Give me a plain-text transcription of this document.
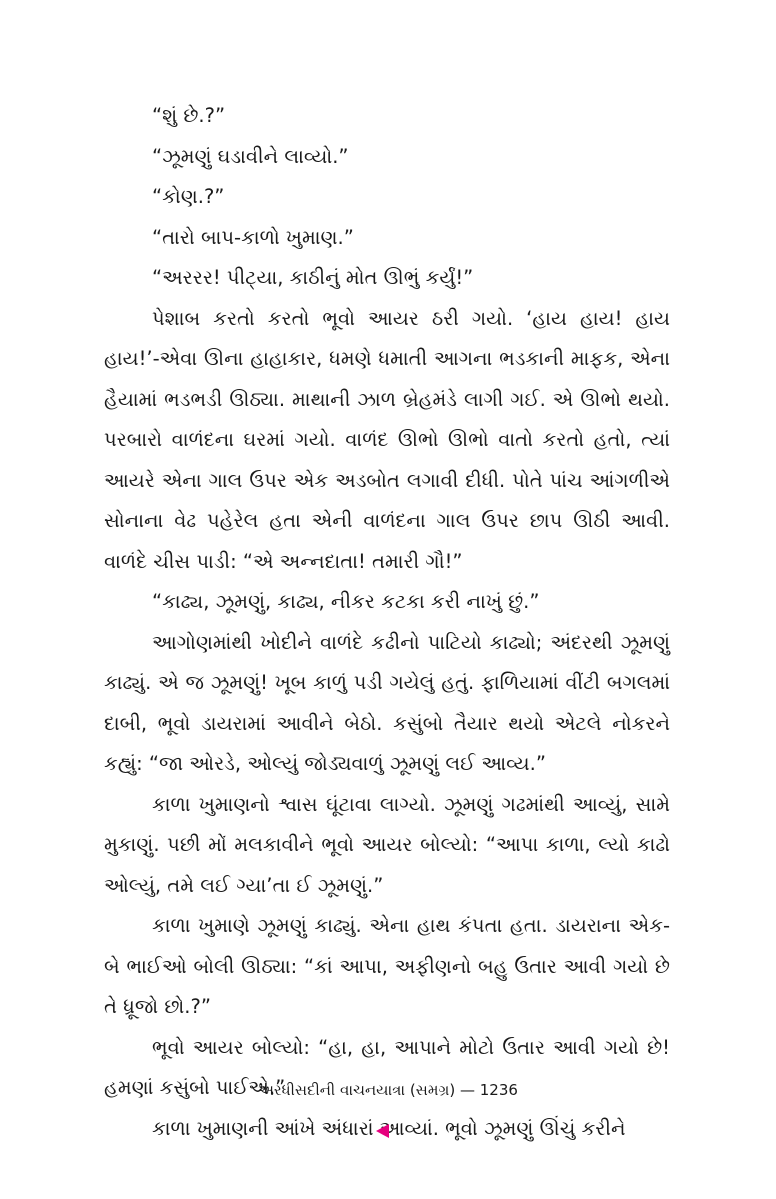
“શું છે.?”

“ઝૂમણું ઘડાવીને લાવ્યો.”

“કોણ.?”

“તારો બાપ-કાળો ખુમાણ.”

“અરરર! પીટ્યા, કાઠીનું મોત ઊભું કર્યું!”

પેશાબ કરતો કરતો ભૂવો આયર ઠરી ગયો. ‘હાય હાય! હાય હાય!’-એવા ઊના હાહાકાર, ધમણે ધમાતી આગના ભડકાની માફક, એના હૈયામાં ભડભડી ઊઠ્યા. માથાની ઝાળ બ્રેહમંડે લાગી ગઈ. એ ઊભો થયો. પરબારો વાળંદના ઘરમાં ગયો. વાળંદ ઊભો ઊભો વાતો કરતો હતો, ત્યાં આયરે એના ગાલ ઉપર એક અડબોત લગાવી દીધી. પોતે પાંચ આંગળીએ સોનાના વેઢ પહેરેલ હતા એની વાળંદના ગાલ ઉપર છાપ ઊઠી આવી. વાળંદે ચીસ પાડી: “એ અન્નદાતા! તમારી ગૌ!”

“કાઢ્ય, ઝૂમણું, કાઢ્ય, નીકર કટકા કરી નાખું છું.”

આગોણમાંથી ખોદીને વાળંદે કઢીનો પાટિયો કાઢ્યો; અંદરથી ઝૂમણું કાઢ્યું. એ જ ઝૂમણું! ખૂબ કાળું પડી ગયેલું હતું. ફાળિયામાં વીંટી બગલમાં દાબી, ભૂવો ડાયરામાં આવીને બેઠો. કસુંબો તૈયાર થયો એટલે નોકરને કહ્યું: “જા ઓરડે, ઓલ્યું જોડ્યવાળું ઝૂમણું લઈ આવ્ય.”

કાળા ખુમાણનો શ્વાસ ઘૂંટાવા લાગ્યો. ઝૂમણું ગઢમાંથી આવ્યું, સામે મુકાણું. પછી મોં મલકાવીને ભૂવો આયર બોલ્યો: “આપા કાળા, લ્યો કાઢો ઓલ્યું, તમે લઈ ગ્યા’તા ઈ ઝૂમણું.”

કાળા ખુમાણે ઝૂમણું કાઢ્યું. એના હાથ કંપતા હતા. ડાયરાના એક-બે ભાઈઓ બોલી ઊઠ્યા: “કાં આપા, અફીણનો બહુ ઉતાર આવી ગયો છે તે ધ્રૂજો છો.?”

ભૂવો આયર બોલ્યો: “હા, હા, આપાને મોટો ઉતાર આવી ગયો છે! હમણાં કસુંબો પાઈએ.”

કાળા ખુમાણની આંખે અંધારાં આવ્યાં. ભૂવો ઝૂમણું ઊંચું કરીને

અરધીસદીની વાચનયાત્રા (સમગ્ર) — 1236
